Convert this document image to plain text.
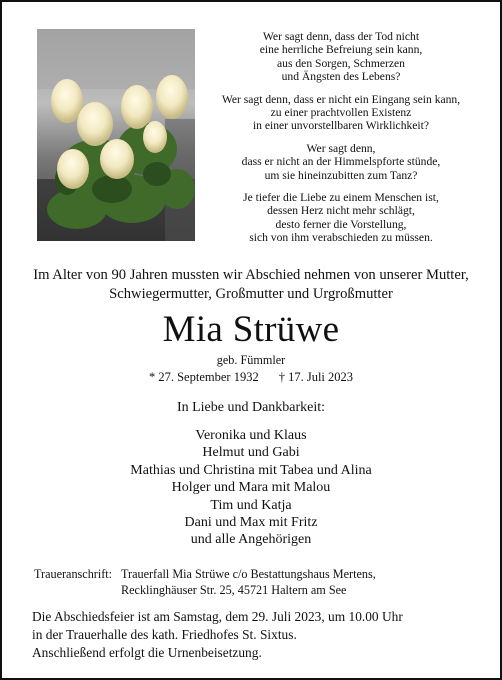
Wer sagt denn, dass der Tod nicht
eine herrliche Befreiung sein kann,
aus den Sorgen, Schmerzen
und Ängsten des Lebens?
Wer sagt denn, dass er nicht ein Eingang sein kann,
zu einer prachtvollen Existenz
in einer unvorstellbaren Wirklichkeit?
Wer sagt denn,
dass er nicht an der Himmelspforte stünde,
um sie hineinzubitten zum Tanz?
Je tiefer die Liebe zu einem Menschen ist,
dessen Herz nicht mehr schlägt,
desto ferner die Vorstellung,
sich von ihm verabschieden zu müssen.
Im Alter von 90 Jahren mussten wir Abschied nehmen von unserer Mutter,
Schwiegermutter, Großmutter und Urgroßmutter
Mia Strüwe
geb. Fümmler
* 27. September 1932 † 17. Juli 2023
In Liebe und Dankbarkeit:
Veronika und Klaus
Helmut und Gabi
Mathias und Christina mit Tabea und Alina
Holger und Mara mit Malou
Tim und Katja
Dani und Max mit Fritz
und alle Angehörigen
Traueranschrift: Trauerfall Mia Strüwe c/o Bestattungshaus Mertens,
Recklinghäuser Str. 25, 45721 Haltern am See
Die Abschiedsfeier ist am Samstag, dem 29. Juli 2023, um 10.00 Uhr
in der Trauerhalle des kath. Friedhofes St. Sixtus.
Anschließend erfolgt die Urnenbeisetzung.
